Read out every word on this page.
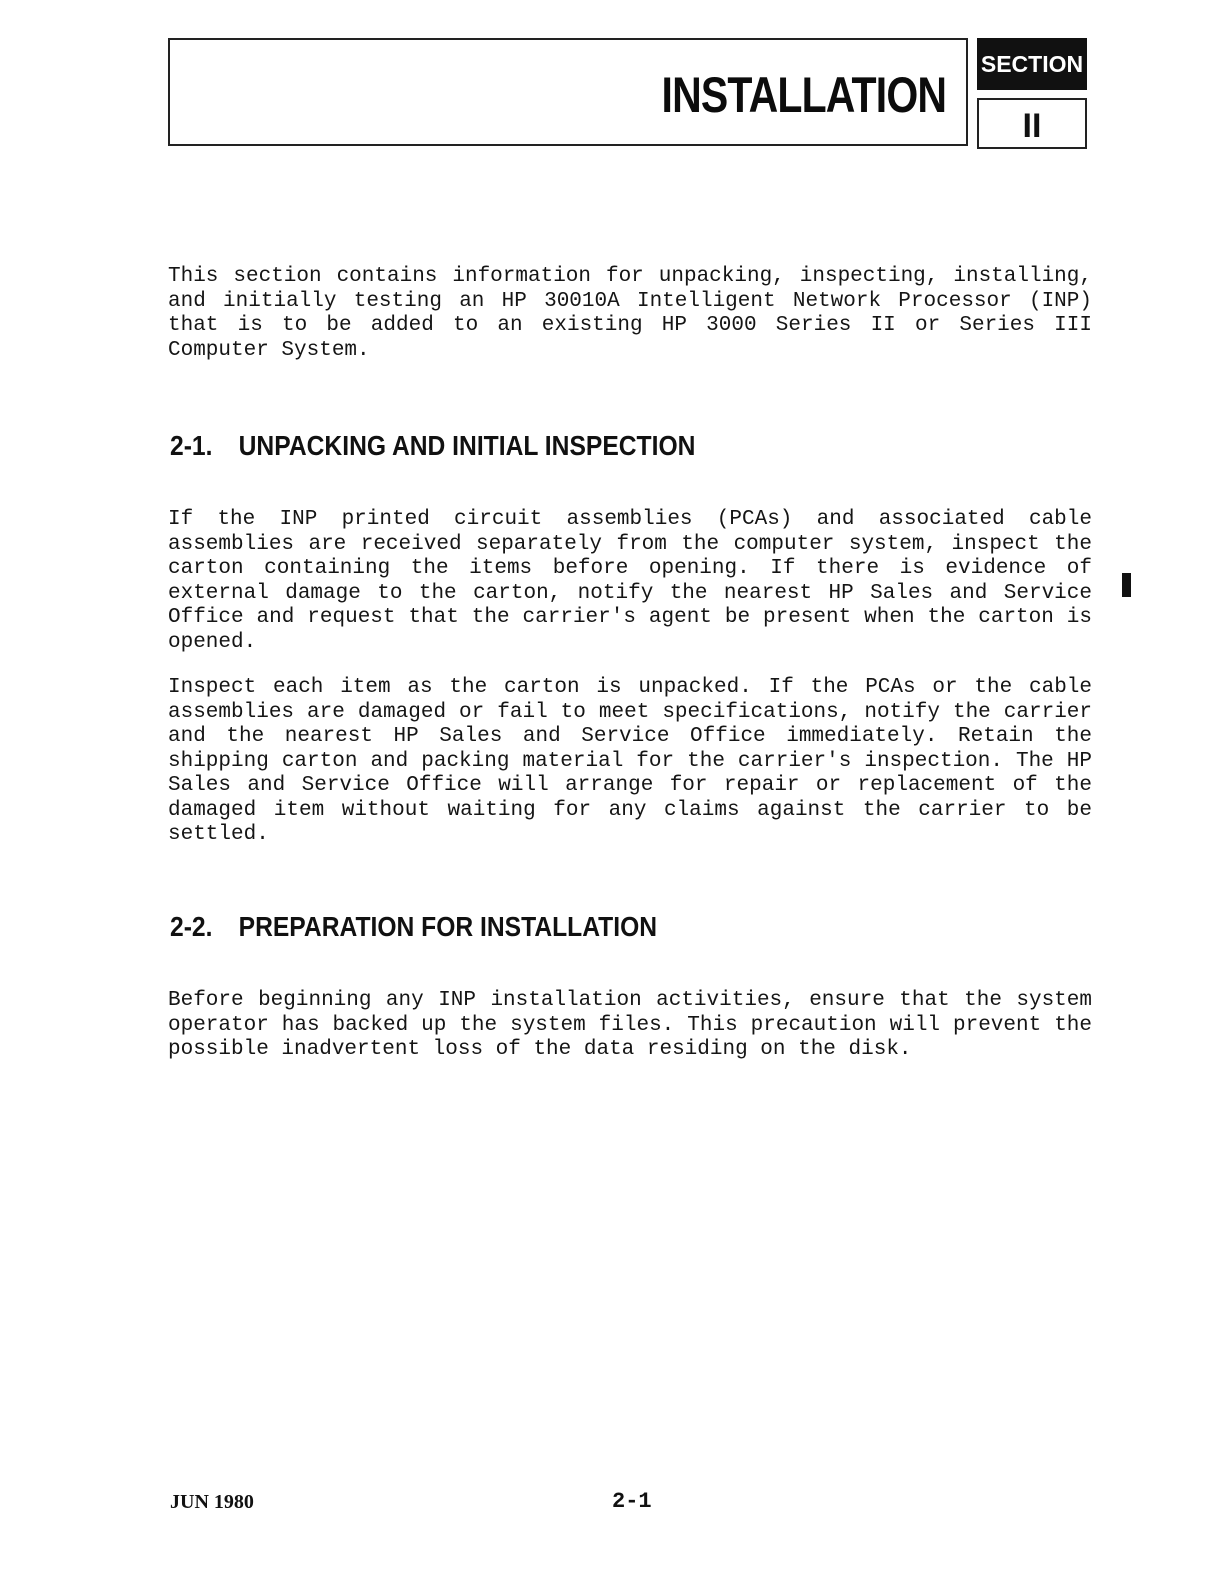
INSTALLATION
SECTION
II

This section contains information for unpacking, inspecting, installing, and initially testing an HP 30010A Intelligent Network Processor (INP) that is to be added to an existing HP 3000 Series II or Series III Computer System.

2-1. UNPACKING AND INITIAL INSPECTION

If the INP printed circuit assemblies (PCAs) and associated cable assemblies are received separately from the computer system, inspect the carton containing the items before opening. If there is evidence of external damage to the carton, notify the nearest HP Sales and Service Office and request that the carrier's agent be present when the carton is opened.

Inspect each item as the carton is unpacked. If the PCAs or the cable assemblies are damaged or fail to meet specifications, notify the carrier and the nearest HP Sales and Service Office immediately. Retain the shipping carton and packing material for the carrier's inspection. The HP Sales and Service Office will arrange for repair or replacement of the damaged item without waiting for any claims against the carrier to be settled.

2-2. PREPARATION FOR INSTALLATION

Before beginning any INP installation activities, ensure that the system operator has backed up the system files. This precaution will prevent the possible inadvertent loss of the data residing on the disk.

JUN 1980	2-1
